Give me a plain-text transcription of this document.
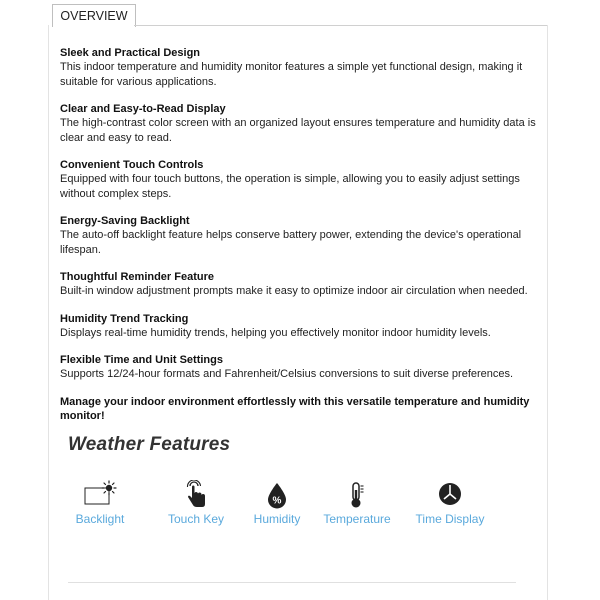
OVERVIEW
Sleek and Practical Design
This indoor temperature and humidity monitor features a simple yet functional design, making it suitable for various applications.
Clear and Easy-to-Read Display
The high-contrast color screen with an organized layout ensures temperature and humidity data is clear and easy to read.
Convenient Touch Controls
Equipped with four touch buttons, the operation is simple, allowing you to easily adjust settings without complex steps.
Energy-Saving Backlight
The auto-off backlight feature helps conserve battery power, extending the device's operational lifespan.
Thoughtful Reminder Feature
Built-in window adjustment prompts make it easy to optimize indoor air circulation when needed.
Humidity Trend Tracking
Displays real-time humidity trends, helping you effectively monitor indoor humidity levels.
Flexible Time and Unit Settings
Supports 12/24-hour formats and Fahrenheit/Celsius conversions to suit diverse preferences.
Manage your indoor environment effortlessly with this versatile temperature and humidity monitor!
Weather Features
Backlight	Touch Key
%
Humidity	Temperature	Time Display
